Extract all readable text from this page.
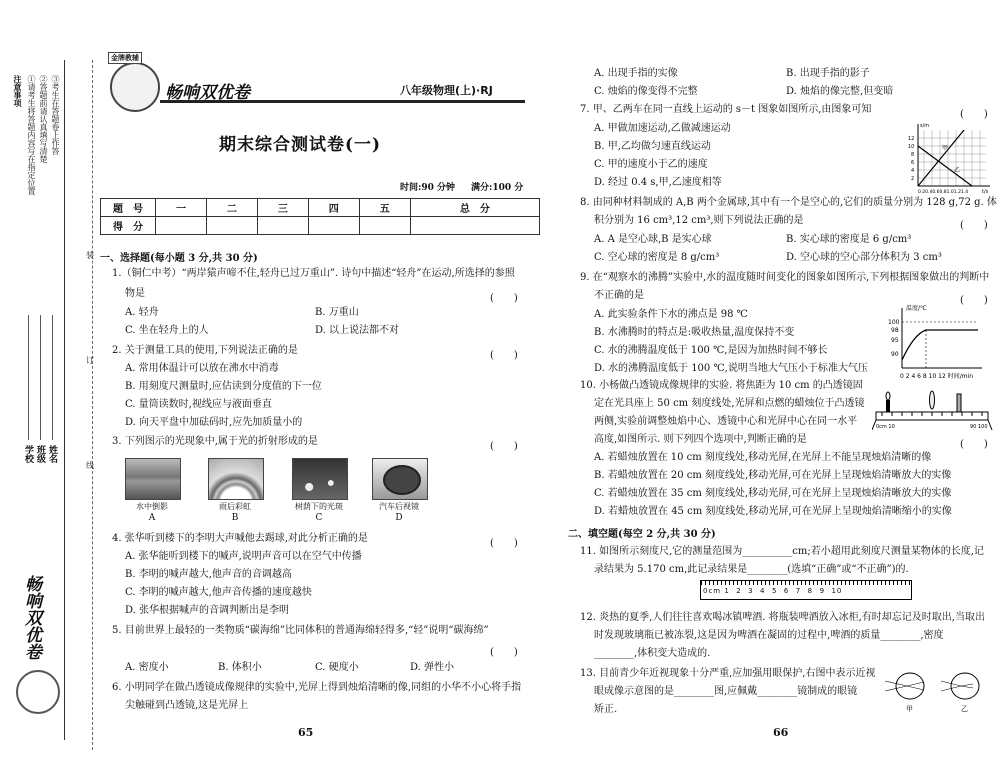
注意事项 ①请考生将答题内容写在指定位置 ②答题前请认真填写清楚 ③考生在答题卷上作答
学校 班级 姓名
畅响双优卷
装
订
线
金牌教辅
畅响双优卷	八年级物理(上)·RJ
期末综合测试卷(一)
时间:90 分钟 满分:100 分
题　号	一	二	三	四	五	总　分
得　分						
一、选择题(每小题 3 分,共 30 分)
1.（铜仁中考）“两岸猿声啼不住,轻舟已过万重山”. 诗句中描述“轻舟”在运动,所选择的参照
物是	(　　)
A. 轻舟	B. 万重山
C. 坐在轻舟上的人	D. 以上说法都不对
2. 关于测量工具的使用,下列说法正确的是	(　　)
A. 常用体温计可以放在沸水中消毒
B. 用刻度尺测量时,应估读到分度值的下一位
C. 量筒读数时,视线应与液面垂直
D. 向天平盘中加砝码时,应先加质量小的
3. 下列图示的光现象中,属于光的折射形成的是	(　　)
水中倒影	雨后彩虹	树荫下的光斑	汽车后视镜
A	B	C	D
4. 张华听到楼下的李明大声喊他去踢球,对此分析正确的是	(　　)
A. 张华能听到楼下的喊声,说明声音可以在空气中传播
B. 李明的喊声越大,他声音的音调越高
C. 李明的喊声越大,他声音传播的速度越快
D. 张华根据喊声的音调判断出是李明
5. 目前世界上最轻的一类物质“碳海绵”比同体积的普通海绵轻得多,“轻”说明“碳海绵”
(　　)
A. 密度小	B. 体积小	C. 硬度小	D. 弹性小
6. 小明同学在做凸透镜成像规律的实验中,光屏上得到烛焰清晰的像,同组的小华不小心将手指
尖触碰到凸透镜,这是光屏上
65
A. 出现手指的实像	B. 出现手指的影子
C. 烛焰的像变得不完整	D. 烛焰的像完整,但变暗
7. 甲、乙两车在同一直线上运动的 s－t 图象如图所示,由图象可知	(　　)
A. 甲做加速运动,乙做减速运动
B. 甲,乙均做匀速直线运动
C. 甲的速度小于乙的速度
D. 经过 0.4 s,甲,乙速度相等
s/m
12
10
8
6
4
2
0.20.40.60.81.01.21.4	t/s
甲
乙
8. 由同种材料制成的 A,B 两个金属球,其中有一个是空心的,它们的质量分别为 128 g,72 g. 体
积分别为 16 cm³,12 cm³,则下列说法正确的是	(　　)
A. A 是空心球,B 是实心球	B. 实心球的密度是 6 g/cm³
C. 空心球的密度是 8 g/cm³	D. 空心球的空心部分体积为 3 cm³
9. 在“观察水的沸腾”实验中,水的温度随时间变化的图象如图所示,下列根据图象做出的判断中
不正确的是	(　　)
A. 此实验条件下水的沸点是 98 ℃
B. 水沸腾时的特点是:吸收热量,温度保持不变
C. 水的沸腾温度低于 100 ℃,是因为加热时间不够长
D. 水的沸腾温度低于 100 ℃,说明当地大气压小于标准大气压
温度/℃
100
98
95
90
0 2 4 6 8 10 12 时间/min
10. 小杨做凸透镜成像规律的实验. 将焦距为 10 cm 的凸透镜固
定在光具座上 50 cm 刻度线处,光屏和点燃的蜡烛位于凸透镜
两侧,实验前调整烛焰中心、透镜中心和光屏中心在同一水平
高度,如图所示. 则下列四个选项中,判断正确的是	(　　)
0cm 10	90 100
A. 若蜡烛放置在 10 cm 刻度线处,移动光屏,在光屏上不能呈现烛焰清晰的像
B. 若蜡烛放置在 20 cm 刻度线处,移动光屏,可在光屏上呈现烛焰清晰放大的实像
C. 若蜡烛放置在 35 cm 刻度线处,移动光屏,可在光屏上呈现烛焰清晰放大的实像
D. 若蜡烛放置在 45 cm 刻度线处,移动光屏,可在光屏上呈现烛焰清晰缩小的实像
二、填空题(每空 2 分,共 30 分)
11. 如图所示刻度尺,它的测量范围为__________cm;若小超用此刻度尺测量某物体的长度,记
录结果为 5.170 cm,此记录结果是________(选填“正确”或“不正确”)的.
0cm 1  2  3  4  5  6  7  8  9  10
12. 炎热的夏季,人们往往喜欢喝冰镇啤酒. 将瓶装啤酒放入冰柜,有时却忘记及时取出,当取出
时发现玻璃瓶已被冻裂,这是因为啤酒在凝固的过程中,啤酒的质量________,密度
________,体积变大造成的.
13. 目前青少年近视现象十分严重,应加强用眼保护,右图中表示近视
眼成像示意图的是________图,应佩戴________镜制成的眼镜
矫正.	甲	乙
66
